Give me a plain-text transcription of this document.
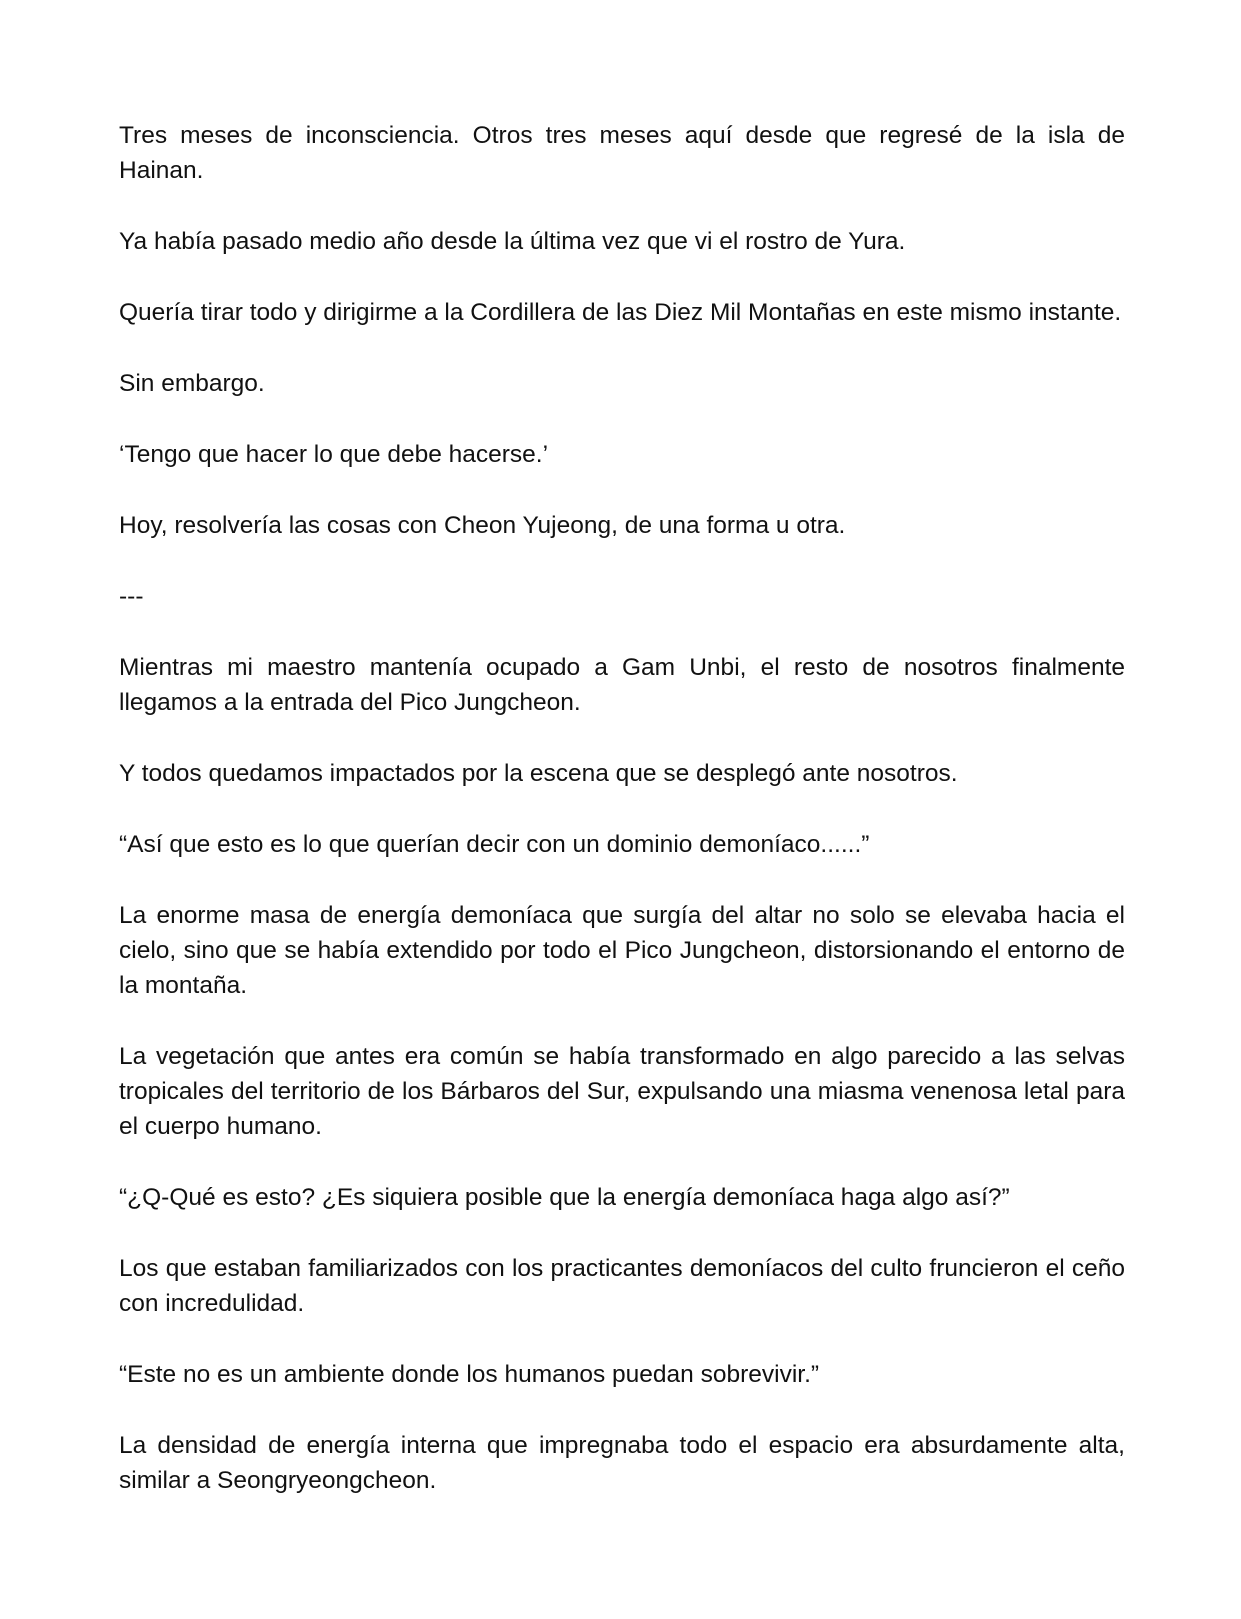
Tres meses de inconsciencia. Otros tres meses aquí desde que regresé de la isla de Hainan.

Ya había pasado medio año desde la última vez que vi el rostro de Yura.

Quería tirar todo y dirigirme a la Cordillera de las Diez Mil Montañas en este mismo instante.

Sin embargo.

‘Tengo que hacer lo que debe hacerse.’

Hoy, resolvería las cosas con Cheon Yujeong, de una forma u otra.

---

Mientras mi maestro mantenía ocupado a Gam Unbi, el resto de nosotros finalmente llegamos a la entrada del Pico Jungcheon.

Y todos quedamos impactados por la escena que se desplegó ante nosotros.

“Así que esto es lo que querían decir con un dominio demoníaco......”

La enorme masa de energía demoníaca que surgía del altar no solo se elevaba hacia el cielo, sino que se había extendido por todo el Pico Jungcheon, distorsionando el entorno de la montaña.

La vegetación que antes era común se había transformado en algo parecido a las selvas tropicales del territorio de los Bárbaros del Sur, expulsando una miasma venenosa letal para el cuerpo humano.

“¿Q-Qué es esto? ¿Es siquiera posible que la energía demoníaca haga algo así?”

Los que estaban familiarizados con los practicantes demoníacos del culto fruncieron el ceño con incredulidad.

“Este no es un ambiente donde los humanos puedan sobrevivir.”

La densidad de energía interna que impregnaba todo el espacio era absurdamente alta, similar a Seongryeongcheon.
